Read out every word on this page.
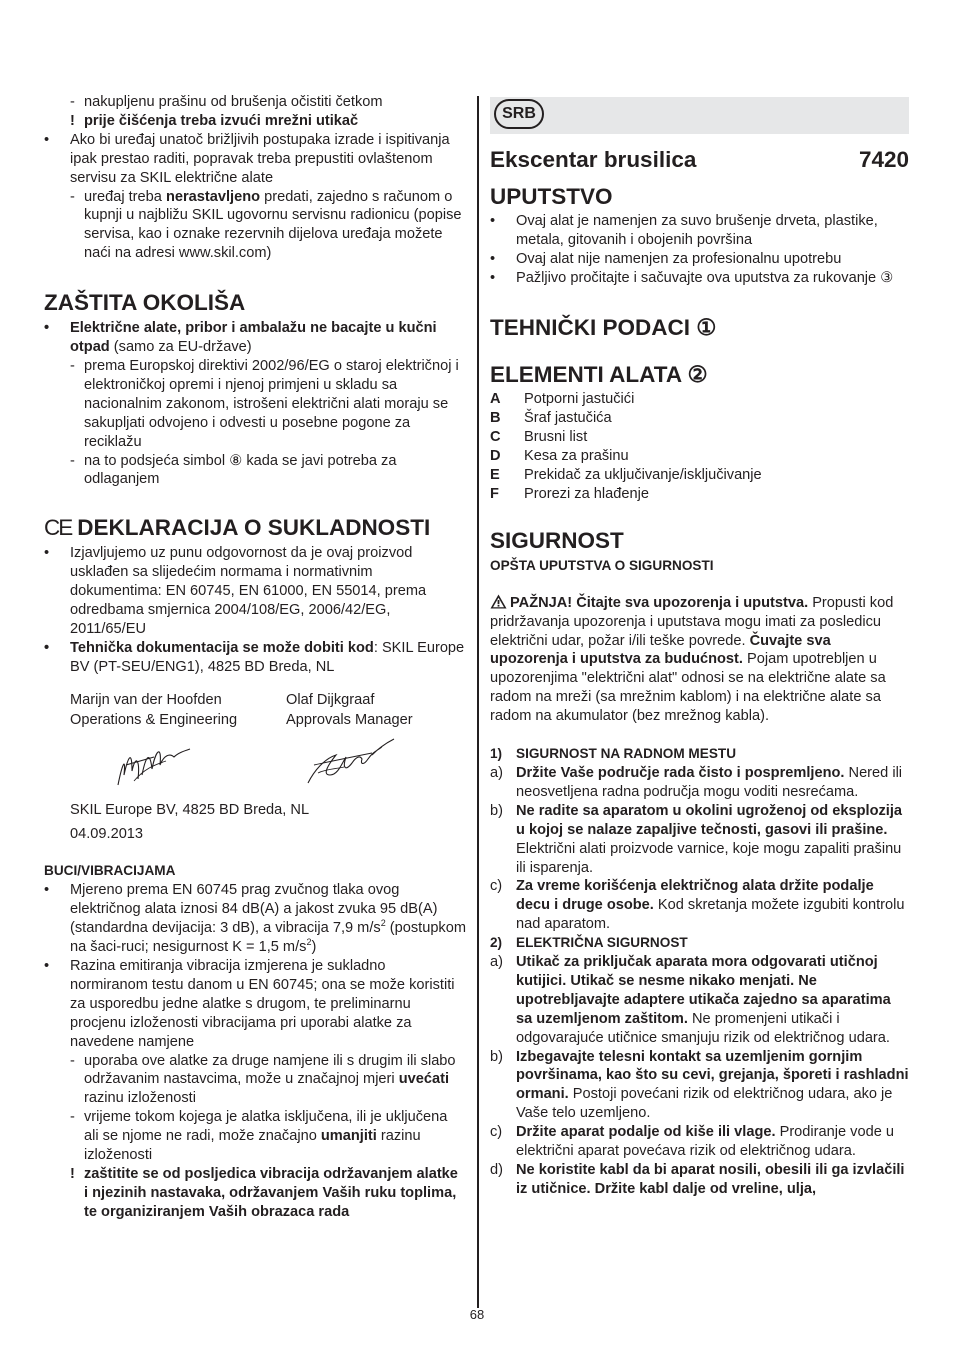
- nakupljenu prašinu od brušenja očistiti četkom
! prije čišćenja treba izvući mrežni utikač
• Ako bi uređaj unatoč brižljivih postupaka izrade i ispitivanja ipak prestao raditi, popravak treba prepustiti ovlaštenom servisu za SKIL električne alate
- uređaj treba nerastavljeno predati, zajedno s računom o kupnji u najbližu SKIL ugovornu servisnu radionicu (popise servisa, kao i oznake rezervnih dijelova uređaja možete naći na adresi www.skil.com)
ZAŠTITA OKOLIŠA
• Električne alate, pribor i ambalažu ne bacajte u kučni otpad (samo za EU-države)
- prema Europskoj direktivi 2002/96/EG o staroj električnoj i elektroničkoj opremi i njenoj primjeni u skladu sa nacionalnim zakonom, istrošeni električni alati moraju se sakupljati odvojeno i odvesti u posebne pogone za reciklažu
- na to podsjeća simbol ⑧ kada se javi potreba za odlaganjem
CE DEKLARACIJA O SUKLADNOSTI
• Izjavljujemo uz punu odgovornost da je ovaj proizvod usklađen sa slijedećim normama i normativnim dokumentima: EN 60745, EN 61000, EN 55014, prema odredbama smjernica 2004/108/EG, 2006/42/EG, 2011/65/EU
• Tehnička dokumentacija se može dobiti kod: SKIL Europe BV (PT-SEU/ENG1), 4825 BD Breda, NL
Marijn van der Hoofden
Operations & Engineering
Olaf Dijkgraaf
Approvals Manager
SKIL Europe BV, 4825 BD Breda, NL
04.09.2013
BUCI/VIBRACIJAMA
• Mjereno prema EN 60745 prag zvučnog tlaka ovog električnog alata iznosi 84 dB(A) a jakost zvuka 95 dB(A) (standardna devijacija: 3 dB), a vibracija 7,9 $m/s^2$ (postupkom na šaci-ruci; nesigurnost K = 1,5 $m/s^2$)
• Razina emitiranja vibracija izmjerena je sukladno normiranom testu danom u EN 60745; ona se može koristiti za usporedbu jedne alatke s drugom, te preliminarnu procjenu izloženosti vibracijama pri uporabi alatke za navedene namjene
- uporaba ove alatke za druge namjene ili s drugim ili slabo održavanim nastavcima, može u značajnoj mjeri uvećati razinu izloženosti
- vrijeme tokom kojega je alatka isključena, ili je uključena ali se njome ne radi, može značajno umanjiti razinu izloženosti
! zaštitite se od posljedica vibracija održavanjem alatke i njezinih nastavaka, održavanjem Vaših ruku toplima, te organiziranjem Vaših obrazaca rada
SRB
Ekscentar brusilica	7420
UPUTSTVO
• Ovaj alat je namenjen za suvo brušenje drveta, plastike, metala, gitovanih i obojenih površina
• Ovaj alat nije namenjen za profesionalnu upotrebu
• Pažljivo pročitajte i sačuvajte ova uputstva za rukovanje ③
TEHNIČKI PODACI ①
ELEMENTI ALATA ②
A Potporni jastučići
B Šraf jastučića
C Brusni list
D Kesa za prašinu
E Prekidač za uključivanje/isključivanje
F Prorezi za hlađenje
SIGURNOST
OPŠTA UPUTSTVA O SIGURNOSTI
PAŽNJA! Čitajte sva upozorenja i uputstva. Propusti kod pridržavanja upozorenja i uputstava mogu imati za posledicu električni udar, požar i/ili teške povrede. Čuvajte sva upozorenja i uputstva za budućnost. Pojam upotrebljen u upozorenjima "električni alat" odnosi se na električne alate sa radom na mreži (sa mrežnim kablom) i na električne alate sa radom na akumulator (bez mrežnog kabla).
1) SIGURNOST NA RADNOM MESTU
a) Držite Vaše područje rada čisto i pospremljeno. Nered ili neosvetljena radna područja mogu voditi nesrećama.
b) Ne radite sa aparatom u okolini ugroženoj od eksplozija u kojoj se nalaze zapaljive tečnosti, gasovi ili prašine. Električni alati proizvode varnice, koje mogu zapaliti prašinu ili isparenja.
c) Za vreme korišćenja električnog alata držite podalje decu i druge osobe. Kod skretanja možete izgubiti kontrolu nad aparatom.
2) ELEKTRIČNA SIGURNOST
a) Utikač za priključak aparata mora odgovarati utičnoj kutijici. Utikač se nesme nikako menjati. Ne upotrebljavajte adaptere utikača zajedno sa aparatima sa uzemljenom zaštitom. Ne promenjeni utikači i odgovarajuće utičnice smanjuju rizik od električnog udara.
b) Izbegavajte telesni kontakt sa uzemljenim gornjim površinama, kao što su cevi, grejanja, šporeti i rashladni ormani. Postoji povećani rizik od električnog udara, ako je Vaše telo uzemljeno.
c) Držite aparat podalje od kiše ili vlage. Prodiranje vode u električni aparat povećava rizik od električnog udara.
d) Ne koristite kabl da bi aparat nosili, obesili ili ga izvlačili iz utičnice. Držite kabl dalje od vreline, ulja,
68
